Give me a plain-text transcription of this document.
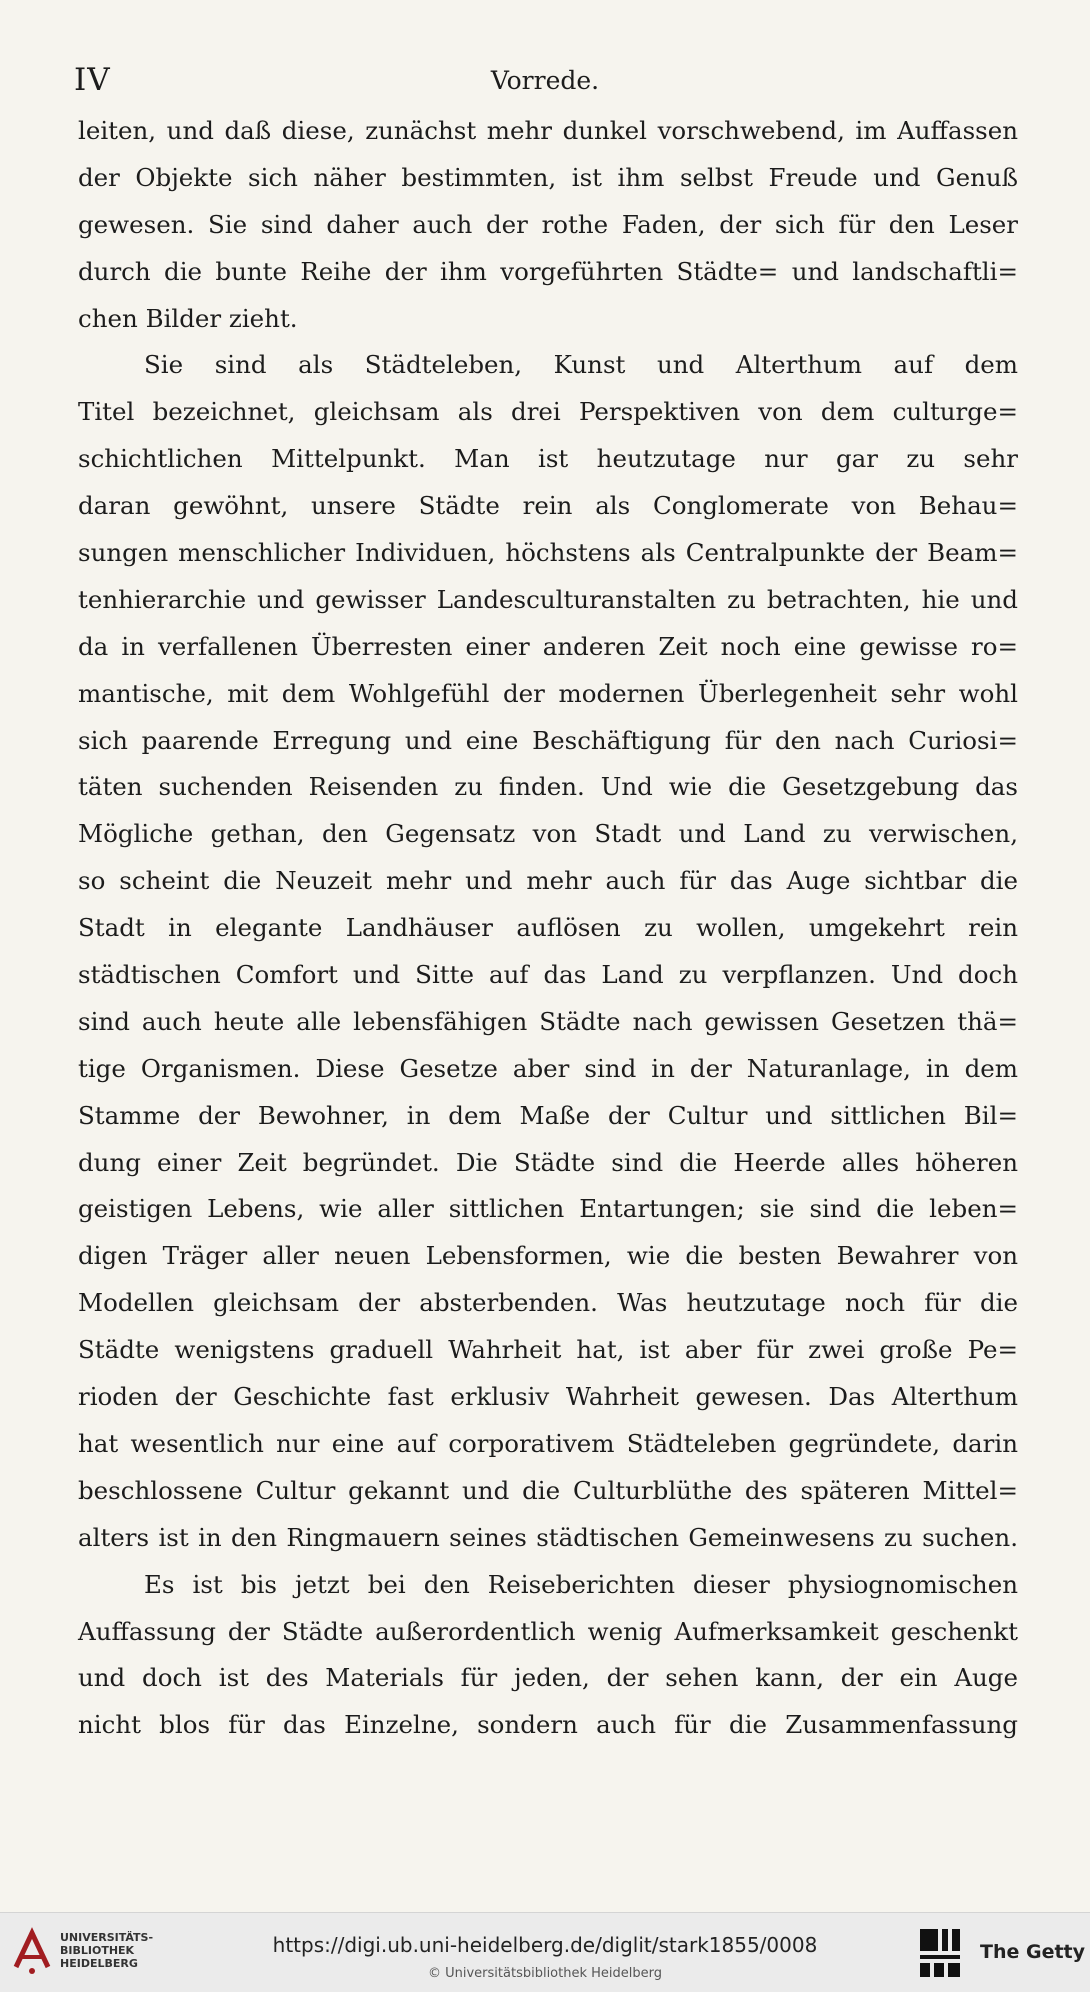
IV	Vorrede.
leiten, und daß diese, zunächst mehr dunkel vorschwebend, im Auffassen
der Objekte sich näher bestimmten, ist ihm selbst Freude und Genuß
gewesen. Sie sind daher auch der rothe Faden, der sich für den Leser
durch die bunte Reihe der ihm vorgeführten Städte= und landschaftli=
chen Bilder zieht.
Sie sind als Städteleben, Kunst und Alterthum auf dem
Titel bezeichnet, gleichsam als drei Perspektiven von dem culturge=
schichtlichen Mittelpunkt. Man ist heutzutage nur gar zu sehr
daran gewöhnt, unsere Städte rein als Conglomerate von Behau=
sungen menschlicher Individuen, höchstens als Centralpunkte der Beam=
tenhierarchie und gewisser Landesculturanstalten zu betrachten, hie und
da in verfallenen Überresten einer anderen Zeit noch eine gewisse ro=
mantische, mit dem Wohlgefühl der modernen Überlegenheit sehr wohl
sich paarende Erregung und eine Beschäftigung für den nach Curiosi=
täten suchenden Reisenden zu finden. Und wie die Gesetzgebung das
Mögliche gethan, den Gegensatz von Stadt und Land zu verwischen,
so scheint die Neuzeit mehr und mehr auch für das Auge sichtbar die
Stadt in elegante Landhäuser auflösen zu wollen, umgekehrt rein
städtischen Comfort und Sitte auf das Land zu verpflanzen. Und doch
sind auch heute alle lebensfähigen Städte nach gewissen Gesetzen thä=
tige Organismen. Diese Gesetze aber sind in der Naturanlage, in dem
Stamme der Bewohner, in dem Maße der Cultur und sittlichen Bil=
dung einer Zeit begründet. Die Städte sind die Heerde alles höheren
geistigen Lebens, wie aller sittlichen Entartungen; sie sind die leben=
digen Träger aller neuen Lebensformen, wie die besten Bewahrer von
Modellen gleichsam der absterbenden. Was heutzutage noch für die
Städte wenigstens graduell Wahrheit hat, ist aber für zwei große Pe=
rioden der Geschichte fast erklusiv Wahrheit gewesen. Das Alterthum
hat wesentlich nur eine auf corporativem Städteleben gegründete, darin
beschlossene Cultur gekannt und die Culturblüthe des späteren Mittel=
alters ist in den Ringmauern seines städtischen Gemeinwesens zu suchen.
Es ist bis jetzt bei den Reiseberichten dieser physiognomischen
Auffassung der Städte außerordentlich wenig Aufmerksamkeit geschenkt
und doch ist des Materials für jeden, der sehen kann, der ein Auge
nicht blos für das Einzelne, sondern auch für die Zusammenfassung
UNIVERSITÄTS-
BIBLIOTHEK
HEIDELBERG
https://digi.ub.uni-heidelberg.de/diglit/stark1855/0008
© Universitätsbibliothek Heidelberg
The Getty
